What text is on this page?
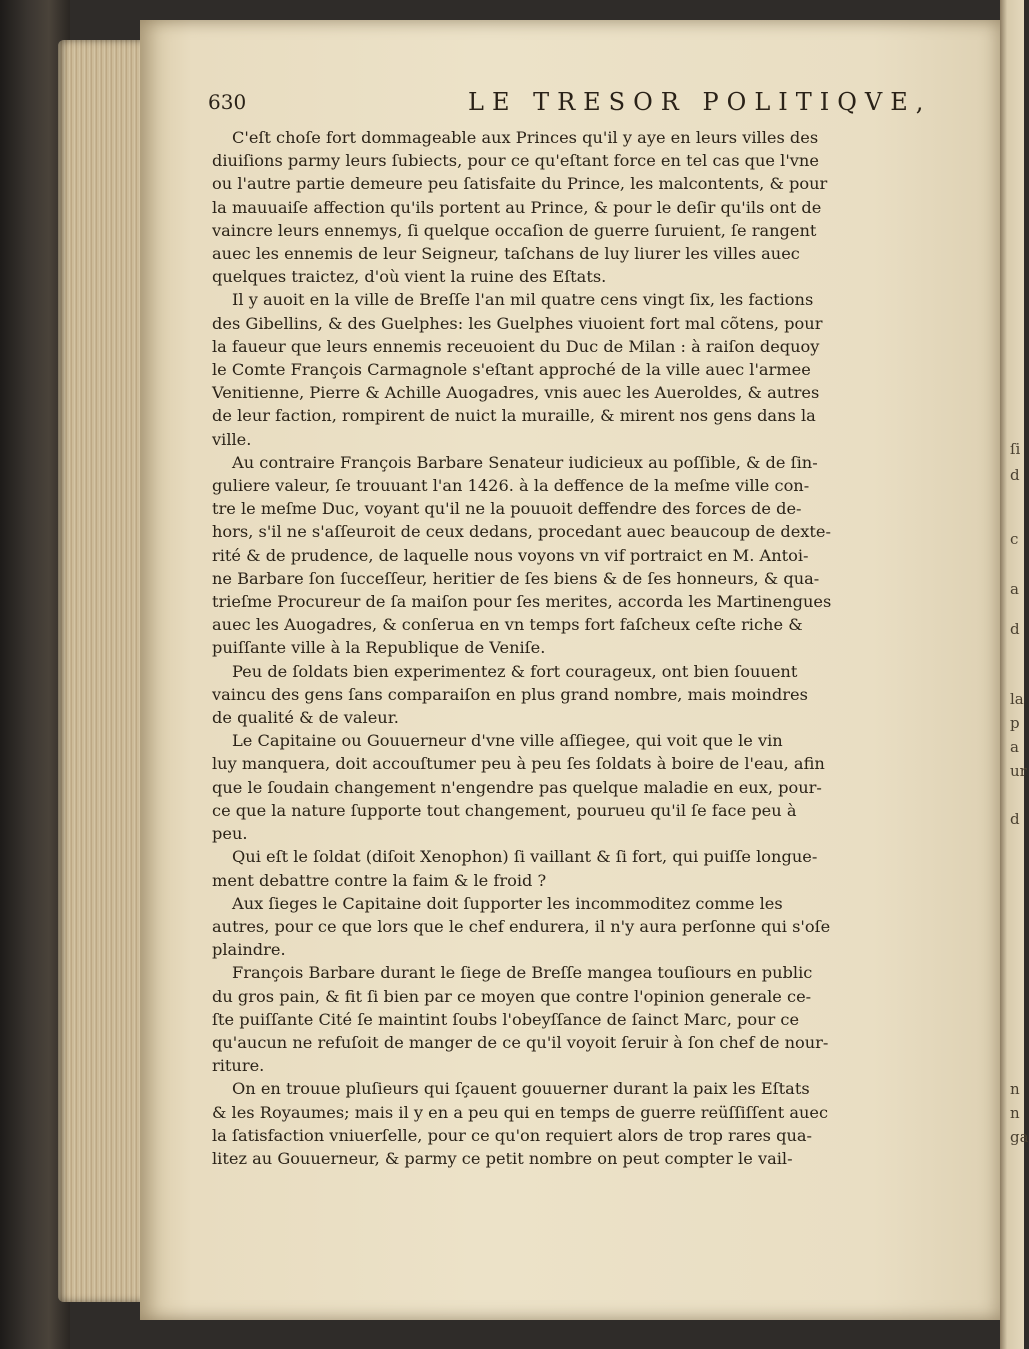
ſi
d
c
a
d
la
p
a
ur
d
n
n
ga
630	LE TRESOR POLITIQVE,

C'eſt choſe fort dommageable aux Princes qu'il y aye en leurs villes des
diuiſions parmy leurs ſubiects, pour ce qu'eſtant force en tel cas que l'vne
ou l'autre partie demeure peu ſatisfaite du Prince, les malcontents, & pour
la mauuaiſe affection qu'ils portent au Prince, & pour le deſir qu'ils ont de
vaincre leurs ennemys, ſi quelque occaſion de guerre ſuruient, ſe rangent
auec les ennemis de leur Seigneur, taſchans de luy liurer les villes auec
quelques traictez, d'où vient la ruine des Eſtats.

Il y auoit en la ville de Breſſe l'an mil quatre cens vingt ſix, les factions
des Gibellins, & des Guelphes: les Guelphes viuoient fort mal cõtens, pour
la faueur que leurs ennemis receuoient du Duc de Milan : à raiſon dequoy
le Comte François Carmagnole s'eſtant approché de la ville auec l'armee
Venitienne, Pierre & Achille Auogadres, vnis auec les Aueroldes, & autres
de leur faction, rompirent de nuict la muraille, & mirent nos gens dans la
ville.

Au contraire François Barbare Senateur iudicieux au poſſible, & de ſin-
guliere valeur, ſe trouuant l'an 1426. à la deffence de la meſme ville con-
tre le meſme Duc, voyant qu'il ne la pouuoit deffendre des forces de de-
hors, s'il ne s'aſſeuroit de ceux dedans, procedant auec beaucoup de dexte-
rité & de prudence, de laquelle nous voyons vn vif portraict en M. Antoi-
ne Barbare ſon ſucceſſeur, heritier de ſes biens & de ſes honneurs, & qua-
trieſme Procureur de ſa maiſon pour ſes merites, accorda les Martinengues
auec les Auogadres, & conſerua en vn temps fort faſcheux ceſte riche &
puiſſante ville à la Republique de Veniſe.

Peu de ſoldats bien experimentez & fort courageux, ont bien ſouuent
vaincu des gens ſans comparaiſon en plus grand nombre, mais moindres
de qualité & de valeur.

Le Capitaine ou Gouuerneur d'vne ville aſſiegee, qui voit que le vin
luy manquera, doit accouſtumer peu à peu ſes ſoldats à boire de l'eau, afin
que le ſoudain changement n'engendre pas quelque maladie en eux, pour-
ce que la nature ſupporte tout changement, pourueu qu'il ſe face peu à
peu.

Qui eſt le ſoldat (diſoit Xenophon) ſi vaillant & ſi fort, qui puiſſe longue-
ment debattre contre la faim & le froid ?

Aux ſieges le Capitaine doit ſupporter les incommoditez comme les
autres, pour ce que lors que le chef endurera, il n'y aura perſonne qui s'oſe
plaindre.

François Barbare durant le ſiege de Breſſe mangea touſiours en public
du gros pain, & fit ſi bien par ce moyen que contre l'opinion generale ce-
ſte puiſſante Cité ſe maintint ſoubs l'obeyſſance de ſainct Marc, pour ce
qu'aucun ne refuſoit de manger de ce qu'il voyoit ſeruir à ſon chef de nour-
riture.

On en trouue pluſieurs qui ſçauent gouuerner durant la paix les Eſtats
& les Royaumes; mais il y en a peu qui en temps de guerre reüſſiſſent auec
la ſatisfaction vniuerſelle, pour ce qu'on requiert alors de trop rares qua-
litez au Gouuerneur, & parmy ce petit nombre on peut compter le vail-
